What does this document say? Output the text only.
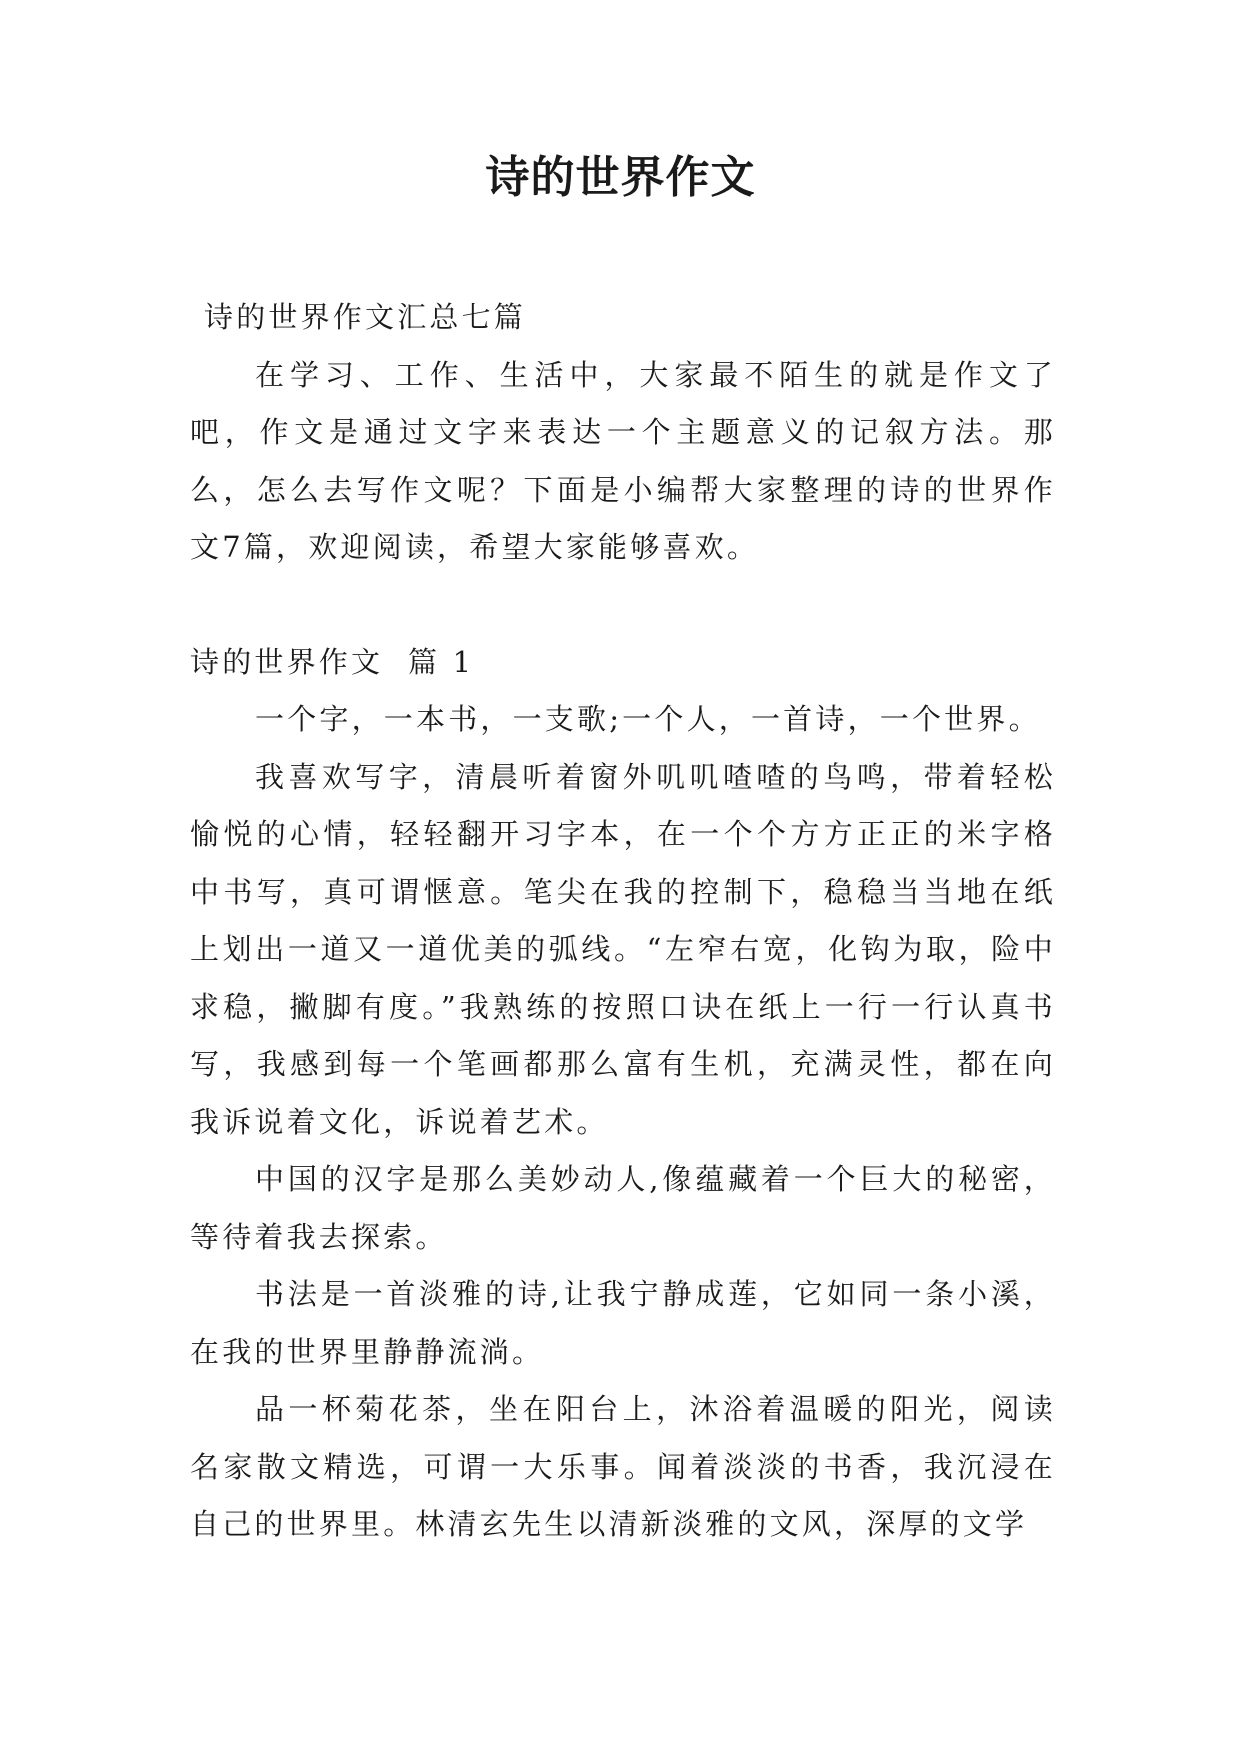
诗的世界作文

诗的世界作文汇总七篇

在学习、工作、生活中，大家最不陌生的就是作文了吧，作文是通过文字来表达一个主题意义的记叙方法。那么，怎么去写作文呢？下面是小编帮大家整理的诗的世界作文7篇，欢迎阅读，希望大家能够喜欢。

诗的世界作文  篇 1

一个字，一本书，一支歌;一个人，一首诗，一个世界。

我喜欢写字，清晨听着窗外叽叽喳喳的鸟鸣，带着轻松愉悦的心情，轻轻翻开习字本，在一个个方方正正的米字格中书写，真可谓惬意。笔尖在我的控制下，稳稳当当地在纸上划出一道又一道优美的弧线。“左窄右宽，化钩为取，险中求稳，撇脚有度。”我熟练的按照口诀在纸上一行一行认真书写，我感到每一个笔画都那么富有生机，充满灵性，都在向我诉说着文化，诉说着艺术。

中国的汉字是那么美妙动人,像蕴藏着一个巨大的秘密，等待着我去探索。

书法是一首淡雅的诗,让我宁静成莲，它如同一条小溪，在我的世界里静静流淌。

品一杯菊花茶，坐在阳台上，沐浴着温暖的阳光，阅读名家散文精选，可谓一大乐事。闻着淡淡的书香，我沉浸在自己的世界里。林清玄先生以清新淡雅的文风，深厚的文学
